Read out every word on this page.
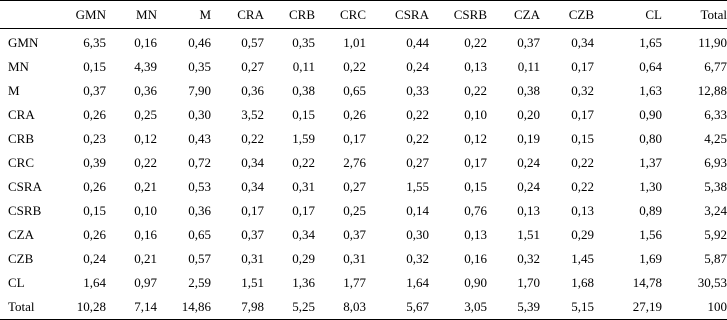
	GMN	MN	M	CRA	CRB	CRC	CSRA	CSRB	CZA	CZB	CL	Total
GMN	6,35	0,16	0,46	0,57	0,35	1,01	0,44	0,22	0,37	0,34	1,65	11,90
MN	0,15	4,39	0,35	0,27	0,11	0,22	0,24	0,13	0,11	0,17	0,64	6,77
M	0,37	0,36	7,90	0,36	0,38	0,65	0,33	0,22	0,38	0,32	1,63	12,88
CRA	0,26	0,25	0,30	3,52	0,15	0,26	0,22	0,10	0,20	0,17	0,90	6,33
CRB	0,23	0,12	0,43	0,22	1,59	0,17	0,22	0,12	0,19	0,15	0,80	4,25
CRC	0,39	0,22	0,72	0,34	0,22	2,76	0,27	0,17	0,24	0,22	1,37	6,93
CSRA	0,26	0,21	0,53	0,34	0,31	0,27	1,55	0,15	0,24	0,22	1,30	5,38
CSRB	0,15	0,10	0,36	0,17	0,17	0,25	0,14	0,76	0,13	0,13	0,89	3,24
CZA	0,26	0,16	0,65	0,37	0,34	0,37	0,30	0,13	1,51	0,29	1,56	5,92
CZB	0,24	0,21	0,57	0,31	0,29	0,31	0,32	0,16	0,32	1,45	1,69	5,87
CL	1,64	0,97	2,59	1,51	1,36	1,77	1,64	0,90	1,70	1,68	14,78	30,53
Total	10,28	7,14	14,86	7,98	5,25	8,03	5,67	3,05	5,39	5,15	27,19	100
